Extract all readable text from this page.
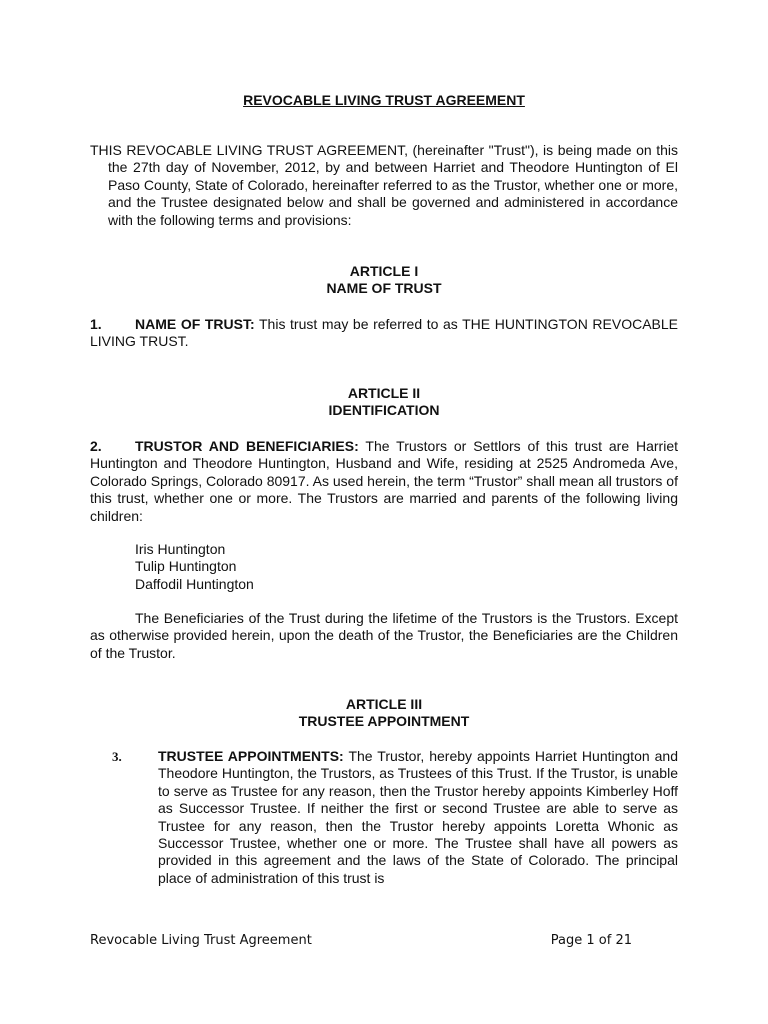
REVOCABLE LIVING TRUST AGREEMENT
THIS REVOCABLE LIVING TRUST AGREEMENT, (hereinafter "Trust"), is being made on this the 27th day of November, 2012, by and between Harriet and Theodore Huntington of El Paso County, State of Colorado, hereinafter referred to as the Trustor, whether one or more, and the Trustee designated below and shall be governed and administered in accordance with the following terms and provisions:
ARTICLE I
NAME OF TRUST
1. NAME OF TRUST: This trust may be referred to as THE HUNTINGTON REVOCABLE LIVING TRUST.
ARTICLE II
IDENTIFICATION
2. TRUSTOR AND BENEFICIARIES: The Trustors or Settlors of this trust are Harriet Huntington and Theodore Huntington, Husband and Wife, residing at 2525 Andromeda Ave, Colorado Springs, Colorado 80917. As used herein, the term “Trustor” shall mean all trustors of this trust, whether one or more. The Trustors are married and parents of the following living children:
Iris Huntington
Tulip Huntington
Daffodil Huntington
The Beneficiaries of the Trust during the lifetime of the Trustors is the Trustors. Except as otherwise provided herein, upon the death of the Trustor, the Beneficiaries are the Children of the Trustor.
ARTICLE III
TRUSTEE APPOINTMENT
3.	TRUSTEE APPOINTMENTS: The Trustor, hereby appoints Harriet Huntington and Theodore Huntington, the Trustors, as Trustees of this Trust. If the Trustor, is unable to serve as Trustee for any reason, then the Trustor hereby appoints Kimberley Hoff as Successor Trustee. If neither the first or second Trustee are able to serve as Trustee for any reason, then the Trustor hereby appoints Loretta Whonic as Successor Trustee, whether one or more. The Trustee shall have all powers as provided in this agreement and the laws of the State of Colorado. The principal place of administration of this trust is
Revocable Living Trust Agreement	Page 1 of 21
